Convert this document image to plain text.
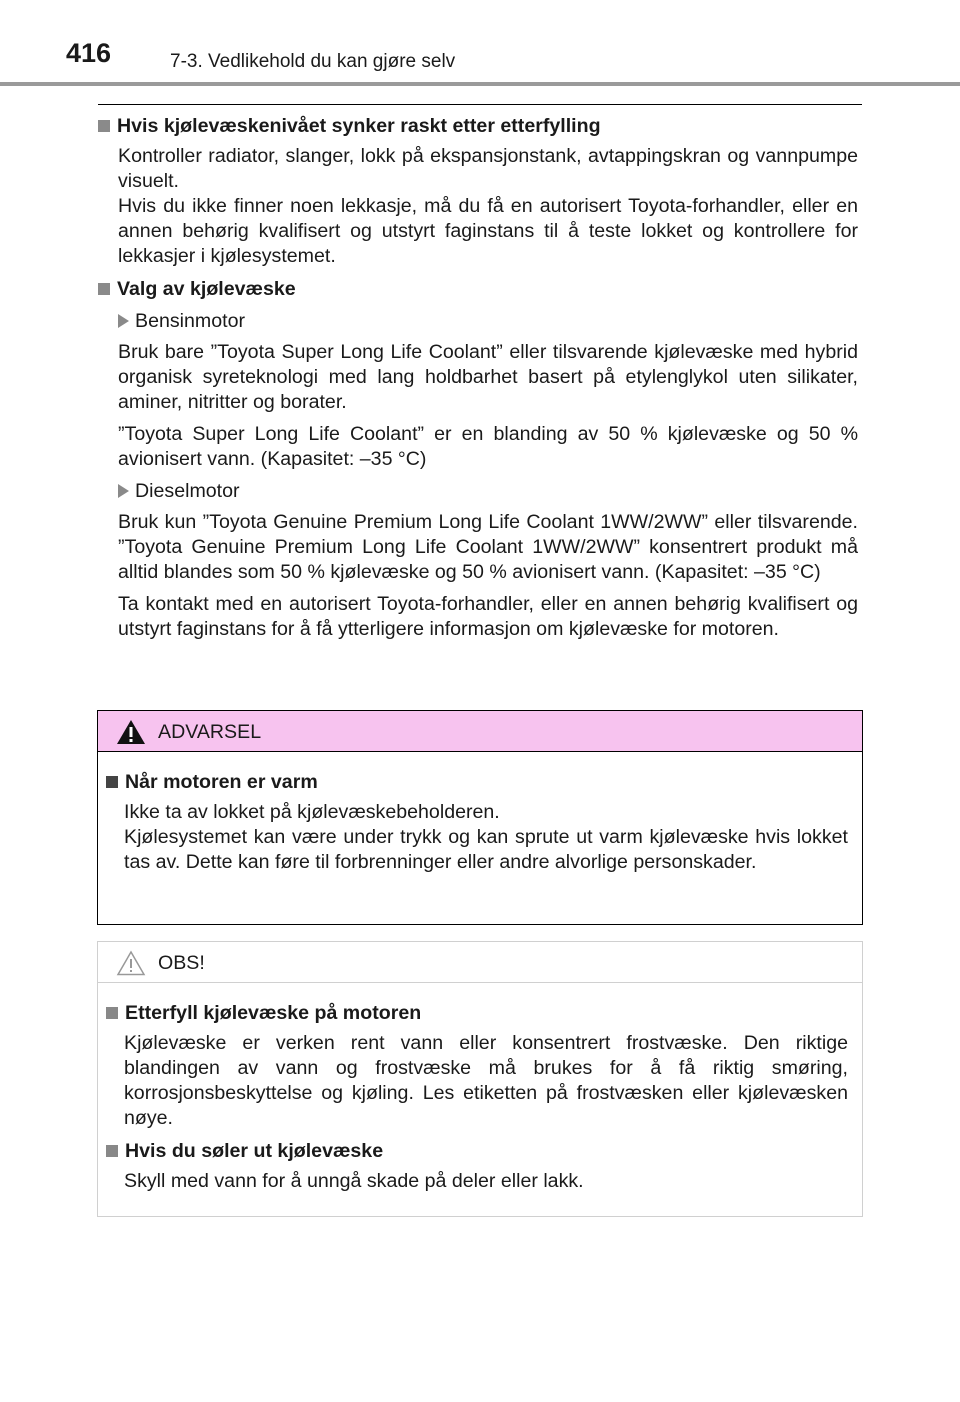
416	7-3. Vedlikehold du kan gjøre selv

Hvis kjølevæskenivået synker raskt etter etterfylling

Kontroller radiator, slanger, lokk på ekspansjonstank, avtappingskran og vannpumpe visuelt.

Hvis du ikke finner noen lekkasje, må du få en autorisert Toyota-forhandler, eller en annen behørig kvalifisert og utstyrt faginstans til å teste lokket og kontrollere for lekkasjer i kjølesystemet.

Valg av kjølevæske

Bensinmotor

Bruk bare ”Toyota Super Long Life Coolant” eller tilsvarende kjølevæske med hybrid organisk syreteknologi med lang holdbarhet basert på etylenglykol uten silikater, aminer, nitritter og borater.

”Toyota Super Long Life Coolant” er en blanding av 50 % kjølevæske og 50 % avionisert vann. (Kapasitet: –35 °C)

Dieselmotor

Bruk kun ”Toyota Genuine Premium Long Life Coolant 1WW/2WW” eller tilsvarende. ”Toyota Genuine Premium Long Life Coolant 1WW/2WW” konsentrert produkt må alltid blandes som 50 % kjølevæske og 50 % avionisert vann. (Kapasitet: –35 °C)

Ta kontakt med en autorisert Toyota-forhandler, eller en annen behørig kvalifisert og utstyrt faginstans for å få ytterligere informasjon om kjølevæske for motoren.

ADVARSEL

Når motoren er varm

Ikke ta av lokket på kjølevæskebeholderen.

Kjølesystemet kan være under trykk og kan sprute ut varm kjølevæske hvis lokket tas av. Dette kan føre til forbrenninger eller andre alvorlige personskader.

OBS!

Etterfyll kjølevæske på motoren

Kjølevæske er verken rent vann eller konsentrert frostvæske. Den riktige blandingen av vann og frostvæske må brukes for å få riktig smøring, korrosjonsbeskyttelse og kjøling. Les etiketten på frostvæsken eller kjølevæsken nøye.

Hvis du søler ut kjølevæske

Skyll med vann for å unngå skade på deler eller lakk.
